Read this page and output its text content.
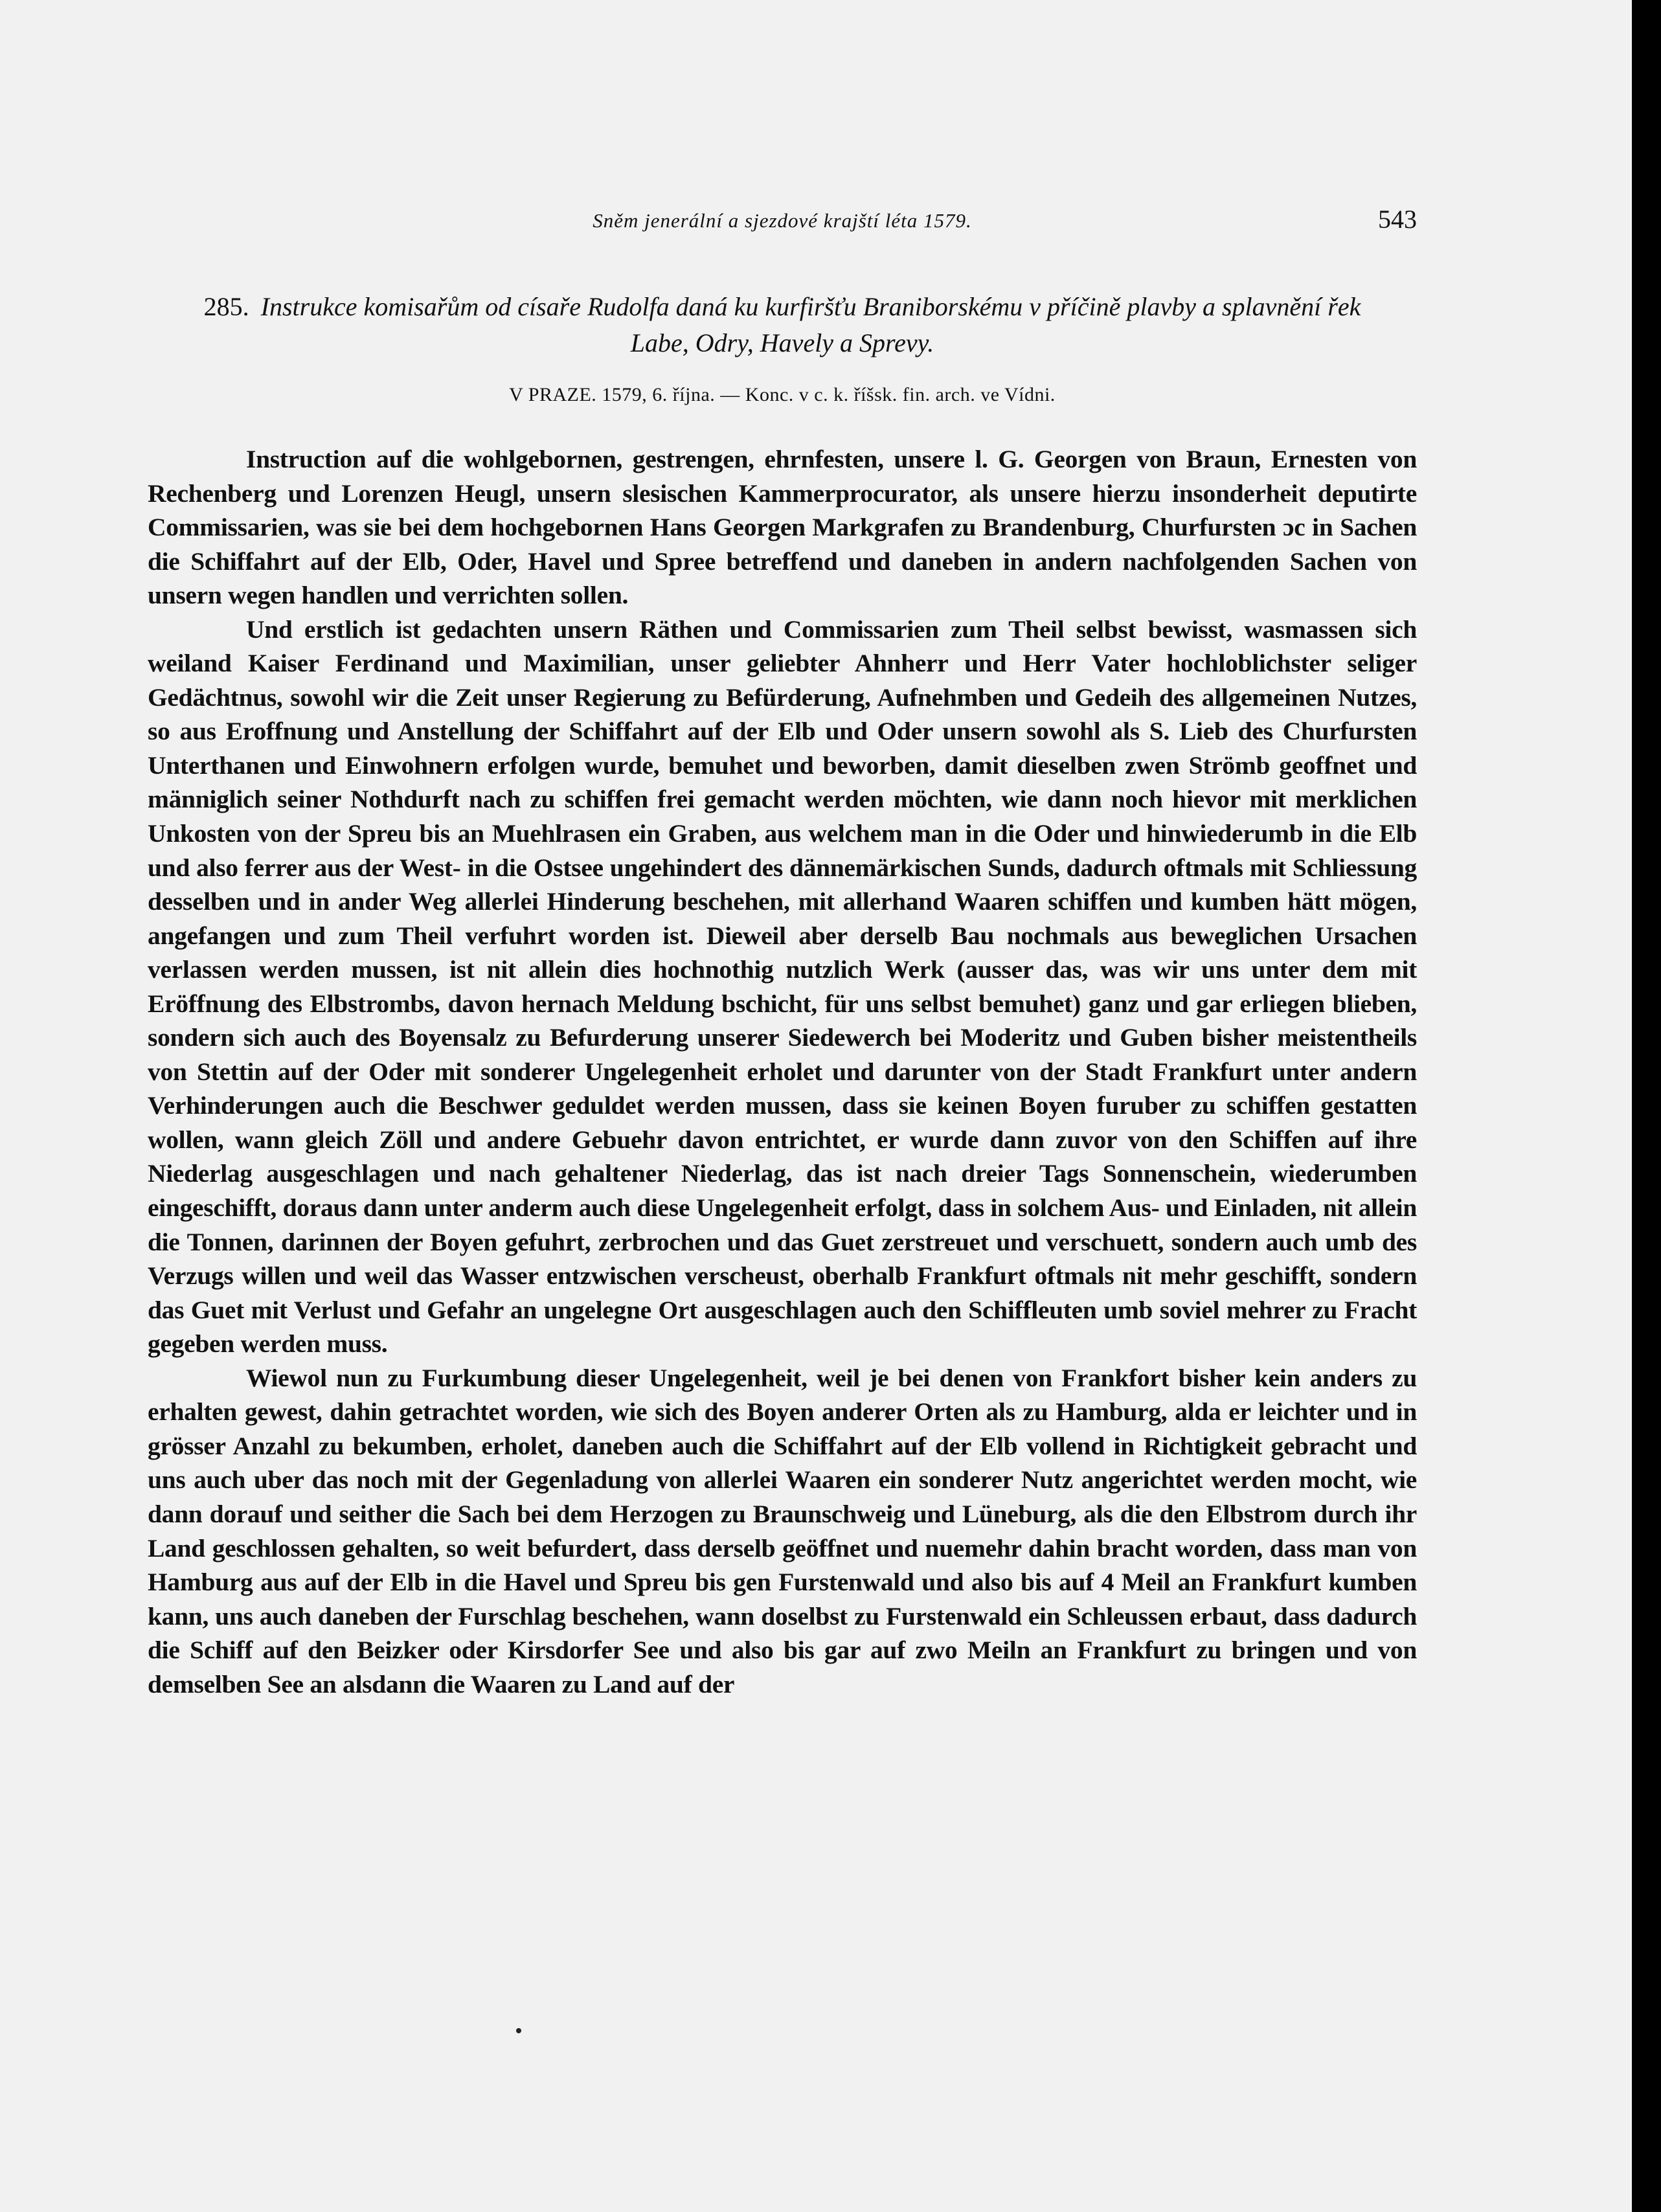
Sněm jenerální a sjezdové krajští léta 1579.	543
285. Instrukce komisařům od císaře Rudolfa daná ku kurfiršťu Braniborskému v příčině plavby a splavnění řek Labe, Odry, Havely a Sprevy.
V PRAZE. 1579, 6. října. — Konc. v c. k. říšsk. fin. arch. ve Vídni.

Instruction auf die wohlgebornen, gestrengen, ehrnfesten, unsere l. G. Georgen von Braun, Ernesten von Rechenberg und Lorenzen Heugl, unsern slesischen Kammerprocurator, als unsere hierzu insonderheit deputirte Commissarien, was sie bei dem hochgebornen Hans Georgen Markgrafen zu Brandenburg, Churfursten ɔc in Sachen die Schiffahrt auf der Elb, Oder, Havel und Spree betreffend und daneben in andern nachfolgenden Sachen von unsern wegen handlen und verrichten sollen.

Und erstlich ist gedachten unsern Räthen und Commissarien zum Theil selbst bewisst, wasmassen sich weiland Kaiser Ferdinand und Maximilian, unser geliebter Ahnherr und Herr Vater hochloblichster seliger Gedächtnus, sowohl wir die Zeit unser Regierung zu Befürderung, Aufnehmben und Gedeih des allgemeinen Nutzes, so aus Eroffnung und Anstellung der Schiffahrt auf der Elb und Oder unsern sowohl als S. Lieb des Churfursten Unterthanen und Einwohnern erfolgen wurde, bemuhet und beworben, damit dieselben zwen Strömb geoffnet und männiglich seiner Nothdurft nach zu schiffen frei gemacht werden möchten, wie dann noch hievor mit merklichen Unkosten von der Spreu bis an Muehlrasen ein Graben, aus welchem man in die Oder und hinwiederumb in die Elb und also ferrer aus der West- in die Ostsee ungehindert des dännemärkischen Sunds, dadurch oftmals mit Schliessung desselben und in ander Weg allerlei Hinderung beschehen, mit allerhand Waaren schiffen und kumben hätt mögen, angefangen und zum Theil verfuhrt worden ist. Dieweil aber derselb Bau nochmals aus beweglichen Ursachen verlassen werden mussen, ist nit allein dies hochnothig nutzlich Werk (ausser das, was wir uns unter dem mit Eröffnung des Elbstrombs, davon hernach Meldung bschicht, für uns selbst bemuhet) ganz und gar erliegen blieben, sondern sich auch des Boyensalz zu Befurderung unserer Siedewerch bei Moderitz und Guben bisher meistentheils von Stettin auf der Oder mit sonderer Ungelegenheit erholet und darunter von der Stadt Frankfurt unter andern Verhinderungen auch die Beschwer geduldet werden mussen, dass sie keinen Boyen furuber zu schiffen gestatten wollen, wann gleich Zöll und andere Gebuehr davon entrichtet, er wurde dann zuvor von den Schiffen auf ihre Niederlag ausgeschlagen und nach gehaltener Niederlag, das ist nach dreier Tags Sonnenschein, wiederumben eingeschifft, doraus dann unter anderm auch diese Ungelegenheit erfolgt, dass in solchem Aus- und Einladen, nit allein die Tonnen, darinnen der Boyen gefuhrt, zerbrochen und das Guet zerstreuet und verschuett, sondern auch umb des Verzugs willen und weil das Wasser entzwischen verscheust, oberhalb Frankfurt oftmals nit mehr geschifft, sondern das Guet mit Verlust und Gefahr an ungelegne Ort ausgeschlagen auch den Schiffleuten umb soviel mehrer zu Fracht gegeben werden muss.

Wiewol nun zu Furkumbung dieser Ungelegenheit, weil je bei denen von Frankfort bisher kein anders zu erhalten gewest, dahin getrachtet worden, wie sich des Boyen anderer Orten als zu Hamburg, alda er leichter und in grösser Anzahl zu bekumben, erholet, daneben auch die Schiffahrt auf der Elb vollend in Richtigkeit gebracht und uns auch uber das noch mit der Gegenladung von allerlei Waaren ein sonderer Nutz angerichtet werden mocht, wie dann dorauf und seither die Sach bei dem Herzogen zu Braunschweig und Lüneburg, als die den Elbstrom durch ihr Land geschlossen gehalten, so weit befurdert, dass derselb geöffnet und nuemehr dahin bracht worden, dass man von Hamburg aus auf der Elb in die Havel und Spreu bis gen Furstenwald und also bis auf 4 Meil an Frankfurt kumben kann, uns auch daneben der Furschlag beschehen, wann doselbst zu Furstenwald ein Schleussen erbaut, dass dadurch die Schiff auf den Beizker oder Kirsdorfer See und also bis gar auf zwo Meiln an Frankfurt zu bringen und von demselben See an alsdann die Waaren zu Land auf der
